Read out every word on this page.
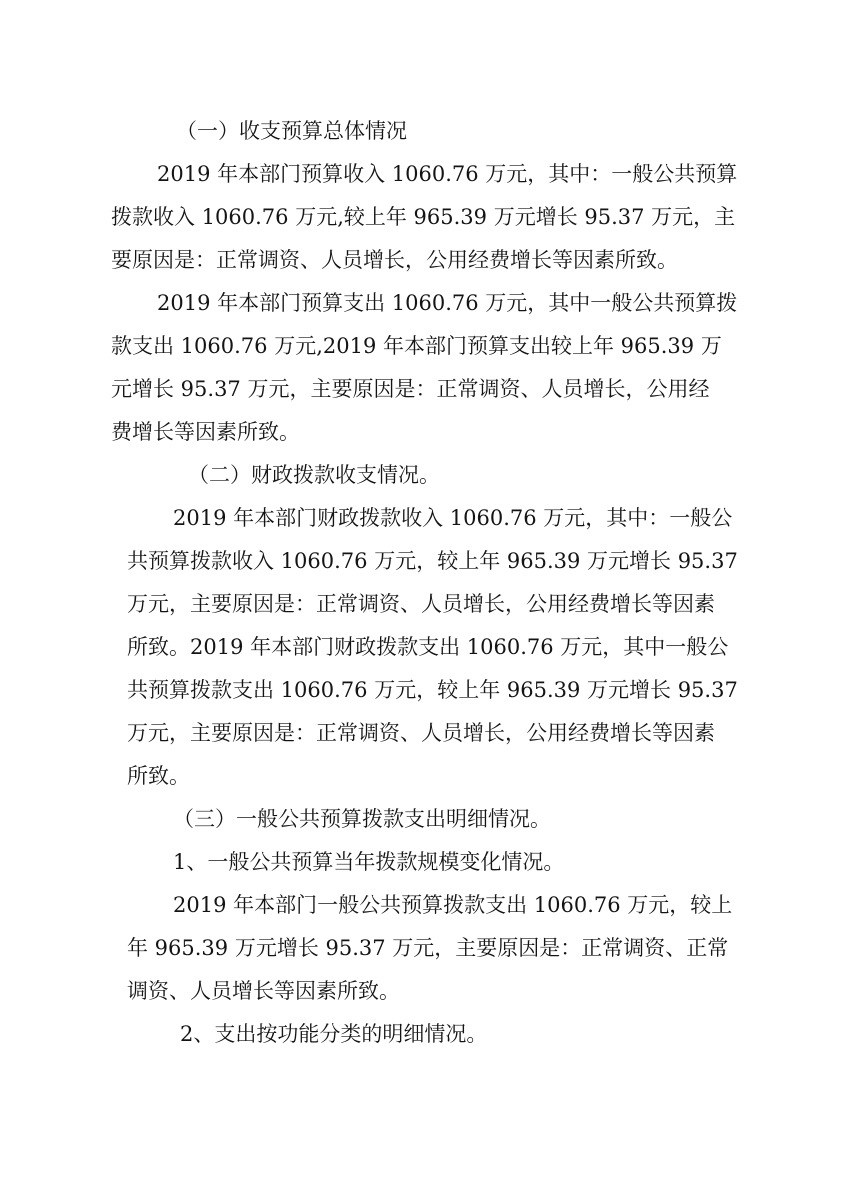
（一）收支预算总体情况

2019 年本部门预算收入 1060.76 万元，其中：一般公共预算

拨款收入 1060.76 万元,较上年 965.39 万元增长 95.37 万元，主

要原因是：正常调资、人员增长，公用经费增长等因素所致。

2019 年本部门预算支出 1060.76 万元，其中一般公共预算拨

款支出 1060.76 万元,2019 年本部门预算支出较上年 965.39 万

元增长 95.37 万元，主要原因是：正常调资、人员增长，公用经

费增长等因素所致。

（二）财政拨款收支情况。

2019 年本部门财政拨款收入 1060.76 万元，其中：一般公

共预算拨款收入 1060.76 万元，较上年 965.39 万元增长 95.37

万元，主要原因是：正常调资、人员增长，公用经费增长等因素

所致。2019 年本部门财政拨款支出 1060.76 万元，其中一般公

共预算拨款支出 1060.76 万元，较上年 965.39 万元增长 95.37

万元，主要原因是：正常调资、人员增长，公用经费增长等因素

所致。

（三）一般公共预算拨款支出明细情况。
1、一般公共预算当年拨款规模变化情况。

2019 年本部门一般公共预算拨款支出 1060.76 万元，较上

年 965.39 万元增长 95.37 万元，主要原因是：正常调资、正常

调资、人员增长等因素所致。

2、支出按功能分类的明细情况。
